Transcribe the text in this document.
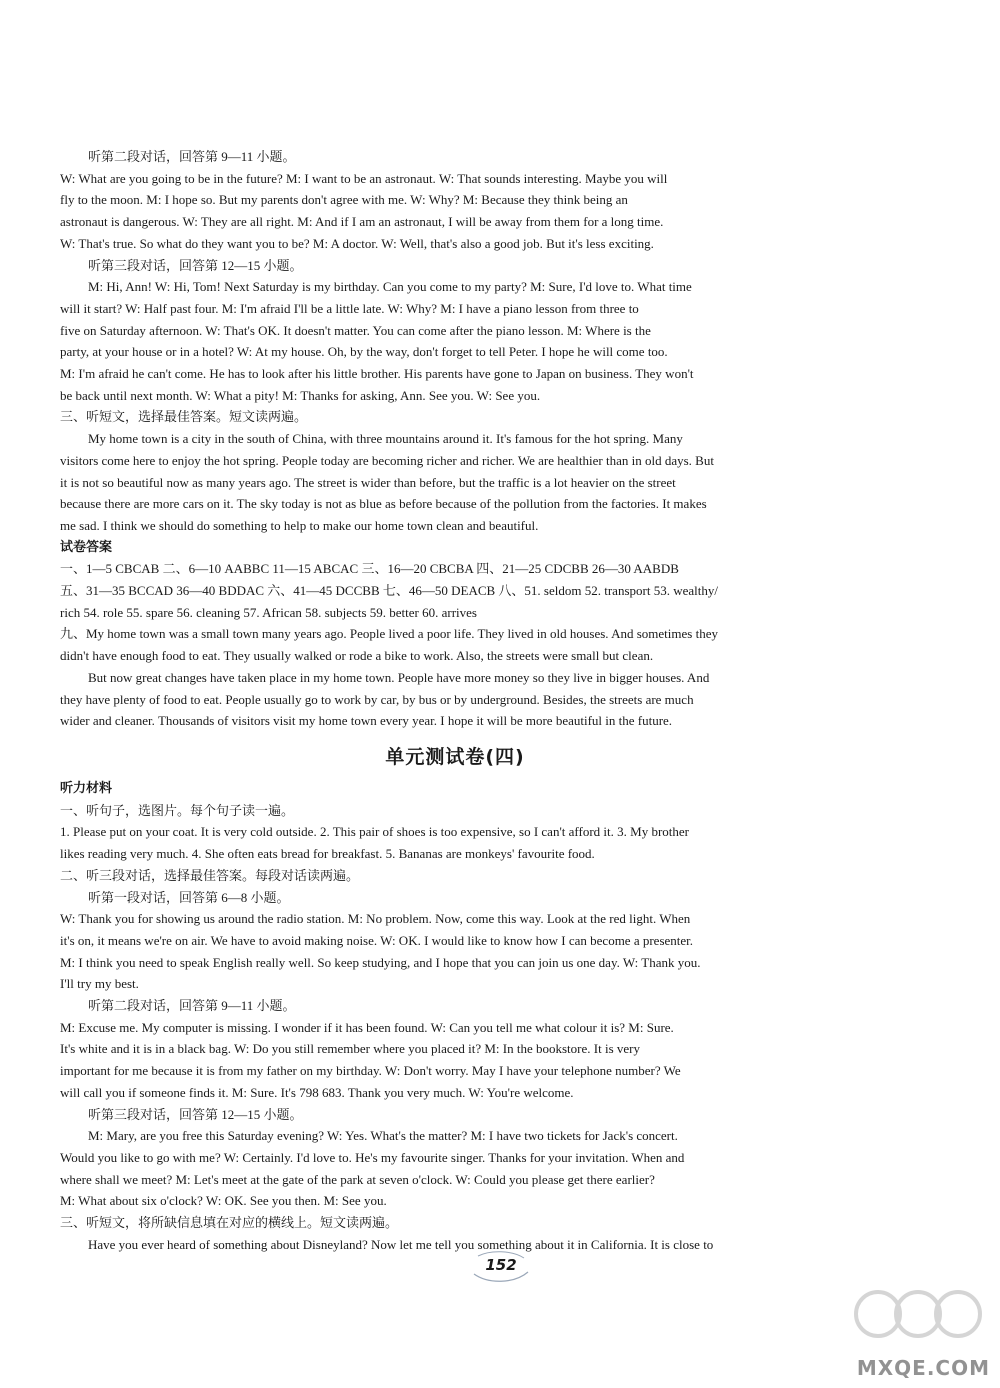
听第二段对话，回答第 9—11 小题。

W: What are you going to be in the future? M: I want to be an astronaut. W: That sounds interesting. Maybe you will

fly to the moon. M: I hope so. But my parents don't agree with me. W: Why? M: Because they think being an

astronaut is dangerous. W: They are all right. M: And if I am an astronaut, I will be away from them for a long time.

W: That's true. So what do they want you to be? M: A doctor. W: Well, that's also a good job. But it's less exciting.

听第三段对话，回答第 12—15 小题。

M: Hi, Ann! W: Hi, Tom! Next Saturday is my birthday. Can you come to my party? M: Sure, I'd love to. What time

will it start? W: Half past four. M: I'm afraid I'll be a little late. W: Why? M: I have a piano lesson from three to

five on Saturday afternoon. W: That's OK. It doesn't matter. You can come after the piano lesson. M: Where is the

party, at your house or in a hotel? W: At my house. Oh, by the way, don't forget to tell Peter. I hope he will come too.

M: I'm afraid he can't come. He has to look after his little brother. His parents have gone to Japan on business. They won't

be back until next month. W: What a pity! M: Thanks for asking, Ann. See you. W: See you.

三、听短文，选择最佳答案。短文读两遍。

My home town is a city in the south of China, with three mountains around it. It's famous for the hot spring. Many

visitors come here to enjoy the hot spring. People today are becoming richer and richer. We are healthier than in old days. But

it is not so beautiful now as many years ago. The street is wider than before, but the traffic is a lot heavier on the street

because there are more cars on it. The sky today is not as blue as before because of the pollution from the factories. It makes

me sad. I think we should do something to help to make our home town clean and beautiful.

试卷答案

一、1—5 CBCAB 二、6—10 AABBC 11—15 ABCAC 三、16—20 CBCBA 四、21—25 CDCBB 26—30 AABDB

五、31—35 BCCAD 36—40 BDDAC 六、41—45 DCCBB 七、46—50 DEACB 八、51. seldom 52. transport 53. wealthy/

rich 54. role 55. spare 56. cleaning 57. African 58. subjects 59. better 60. arrives

九、My home town was a small town many years ago. People lived a poor life. They lived in old houses. And sometimes they

didn't have enough food to eat. They usually walked or rode a bike to work. Also, the streets were small but clean.

But now great changes have taken place in my home town. People have more money so they live in bigger houses. And

they have plenty of food to eat. People usually go to work by car, by bus or by underground. Besides, the streets are much

wider and cleaner. Thousands of visitors visit my home town every year. I hope it will be more beautiful in the future.

单元测试卷(四)

听力材料

一、听句子，选图片。每个句子读一遍。

1. Please put on your coat. It is very cold outside. 2. This pair of shoes is too expensive, so I can't afford it. 3. My brother

likes reading very much. 4. She often eats bread for breakfast. 5. Bananas are monkeys' favourite food.

二、听三段对话，选择最佳答案。每段对话读两遍。

听第一段对话，回答第 6—8 小题。

W: Thank you for showing us around the radio station. M: No problem. Now, come this way. Look at the red light. When

it's on, it means we're on air. We have to avoid making noise. W: OK. I would like to know how I can become a presenter.

M: I think you need to speak English really well. So keep studying, and I hope that you can join us one day. W: Thank you.

I'll try my best.

听第二段对话，回答第 9—11 小题。

M: Excuse me. My computer is missing. I wonder if it has been found. W: Can you tell me what colour it is? M: Sure.

It's white and it is in a black bag. W: Do you still remember where you placed it? M: In the bookstore. It is very

important for me because it is from my father on my birthday. W: Don't worry. May I have your telephone number? We

will call you if someone finds it. M: Sure. It's 798 683. Thank you very much. W: You're welcome.

听第三段对话，回答第 12—15 小题。

M: Mary, are you free this Saturday evening? W: Yes. What's the matter? M: I have two tickets for Jack's concert.

Would you like to go with me? W: Certainly. I'd love to. He's my favourite singer. Thanks for your invitation. When and

where shall we meet? M: Let's meet at the gate of the park at seven o'clock. W: Could you please get there earlier?

M: What about six o'clock? W: OK. See you then. M: See you.

三、听短文，将所缺信息填在对应的横线上。短文读两遍。

Have you ever heard of something about Disneyland? Now let me tell you something about it in California. It is close to

152
MXQE.COM
